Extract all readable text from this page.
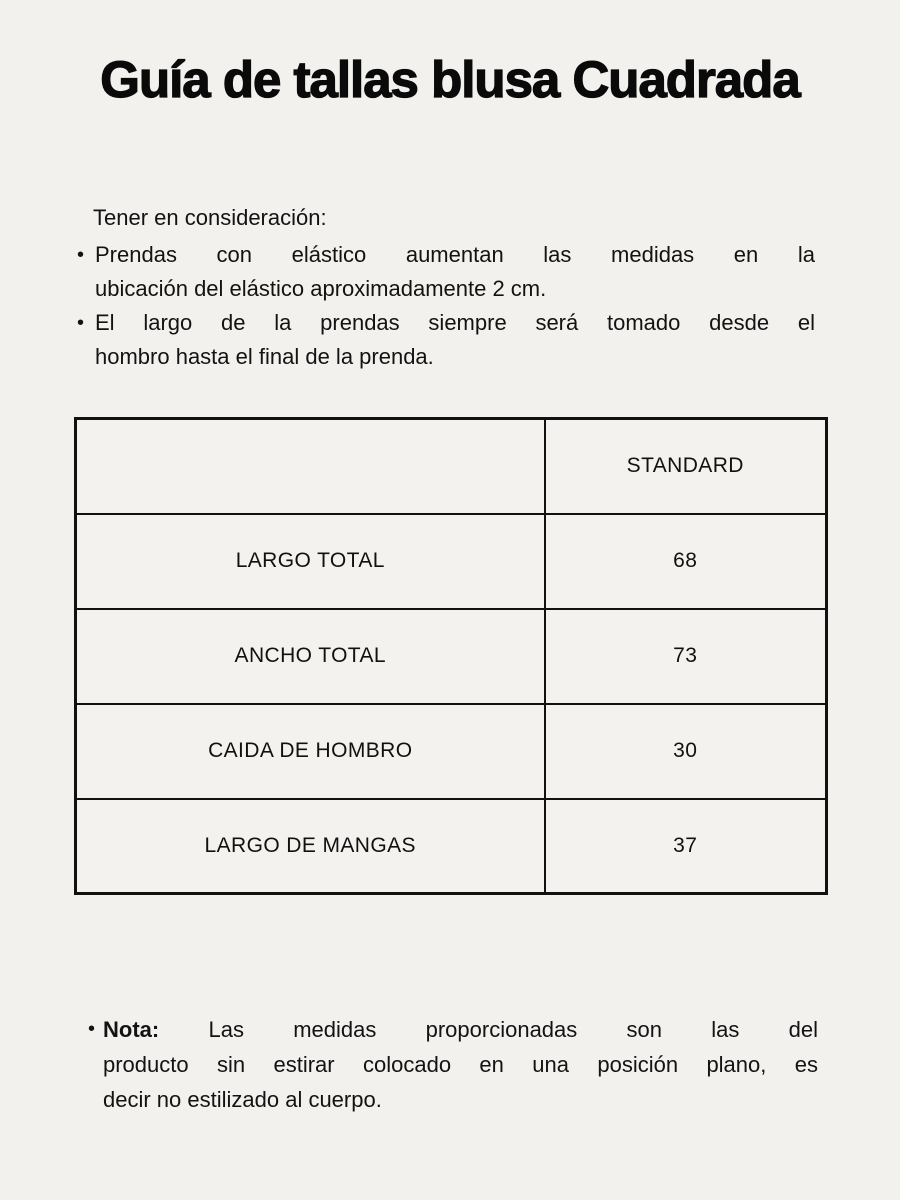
Guía de tallas blusa Cuadrada
Tener en consideración:
• Prendas con elástico aumentan las medidas en la
ubicación del elástico aproximadamente 2 cm.
• El largo de la prendas siempre será tomado desde el
hombro hasta el final de la prenda.
	STANDARD
LARGO TOTAL	68
ANCHO TOTAL	73
CAIDA DE HOMBRO	30
LARGO DE MANGAS	37
• Nota: Las medidas proporcionadas son las del
producto sin estirar colocado en una posición plano, es
decir no estilizado al cuerpo.
